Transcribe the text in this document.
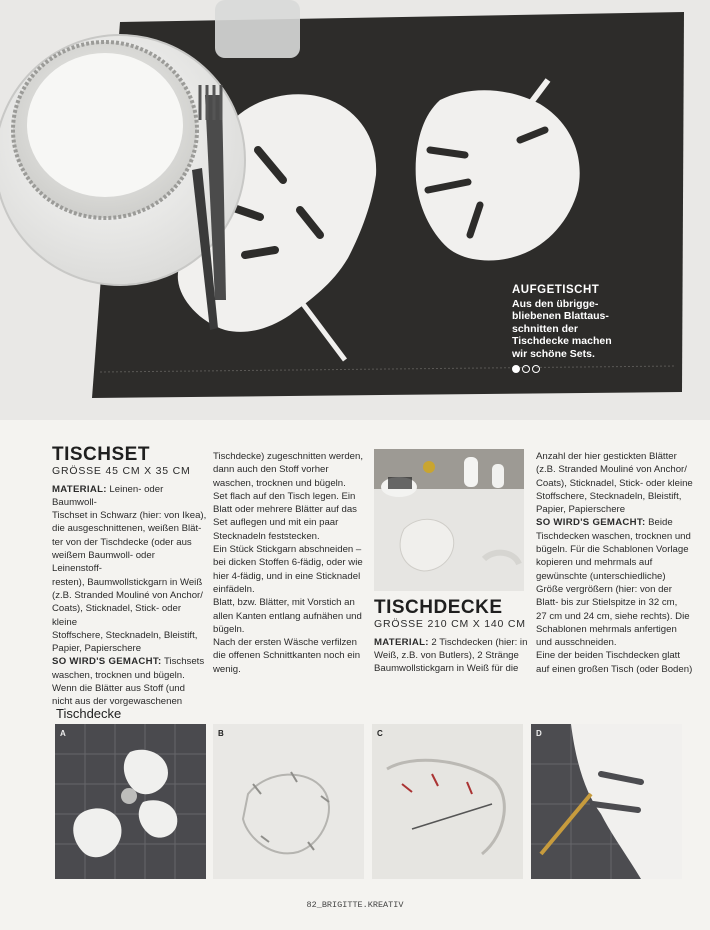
AUFGETISCHT
Aus den übrigge-
bliebenen Blattaus-
schnitten der
Tischdecke machen
wir schöne Sets.
TISCHSET
GRÖSSE 45 CM X 35 CM
MATERIAL: Leinen- oder Baumwoll-
Tischset in Schwarz (hier: von Ikea),
die ausgeschnittenen, weißen Blät-
ter von der Tischdecke (oder aus
weißem Baumwoll- oder Leinenstoff-
resten), Baumwollstickgarn in Weiß
(z.B. Stranded Mouliné von Anchor/
Coats), Sticknadel, Stick- oder kleine
Stoffschere, Stecknadeln, Bleistift,
Papier, Papierschere
SO WIRD'S GEMACHT: Tischsets
waschen, trocknen und bügeln.
Wenn die Blätter aus Stoff (und
nicht aus der vorgewaschenen
Tischdecke) zugeschnitten werden,
dann auch den Stoff vorher
waschen, trocknen und bügeln.
Set flach auf den Tisch legen. Ein
Blatt oder mehrere Blätter auf das
Set auflegen und mit ein paar
Stecknadeln feststecken.
Ein Stück Stickgarn abschneiden –
bei dicken Stoffen 6-fädig, oder wie
hier 4-fädig, und in eine Sticknadel
einfädeln.
Blatt, bzw. Blätter, mit Vorstich an
allen Kanten entlang aufnähen und
bügeln.
Nach der ersten Wäsche verfilzen
die offenen Schnittkanten noch ein
wenig.
TISCHDECKE
GRÖSSE 210 CM X 140 CM
MATERIAL: 2 Tischdecken (hier: in
Weiß, z.B. von Butlers), 2 Stränge
Baumwollstickgarn in Weiß für die
Anzahl der hier gestickten Blätter
(z.B. Stranded Mouliné von Anchor/
Coats), Sticknadel, Stick- oder kleine
Stoffschere, Stecknadeln, Bleistift,
Papier, Papierschere
SO WIRD'S GEMACHT: Beide
Tischdecken waschen, trocknen und
bügeln. Für die Schablonen Vorlage
kopieren und mehrmals auf
gewünschte (unterschiedliche)
Größe vergrößern (hier: von der
Blatt- bis zur Stielspitze in 32 cm,
27 cm und 24 cm, siehe rechts). Die
Schablonen mehrmals anfertigen
und ausschneiden.
Eine der beiden Tischdecken glatt
auf einen großen Tisch (oder Boden)
Tischdecke
A	B	C	D
82_BRIGITTE.KREATIV
